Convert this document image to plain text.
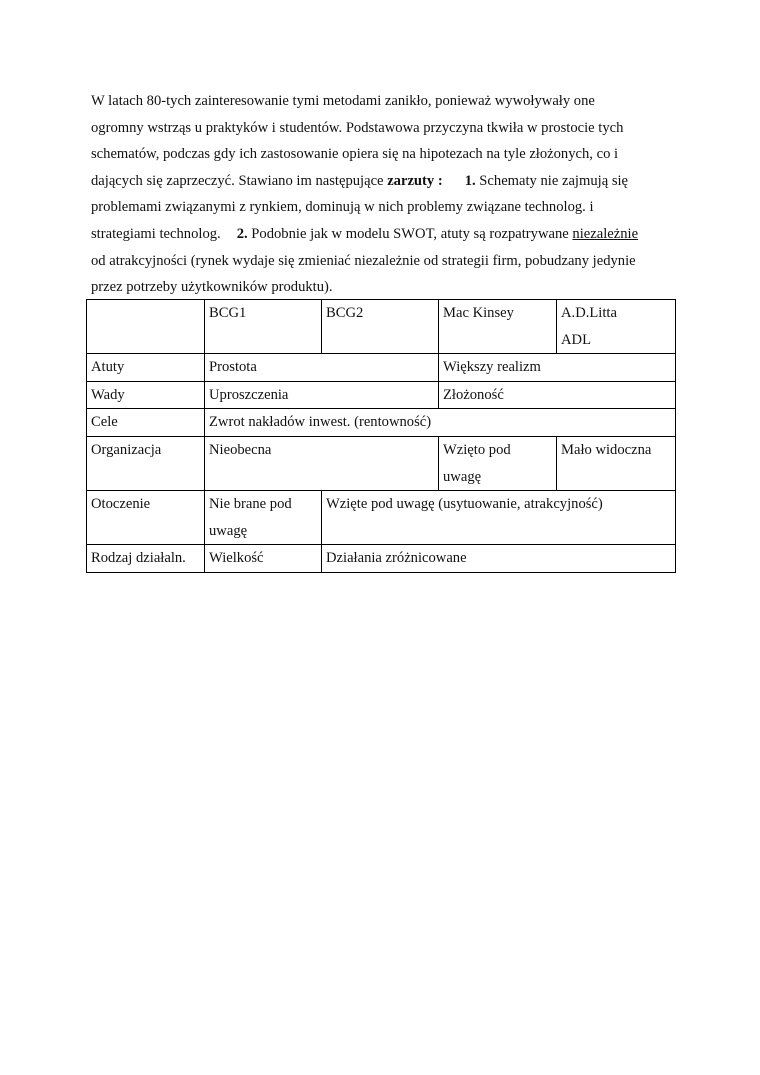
W latach 80-tych zainteresowanie tymi metodami zanikło, ponieważ wywoływały one
ogromny wstrząs u praktyków i studentów. Podstawowa przyczyna tkwiła w prostocie tych
schematów, podczas gdy ich zastosowanie opiera się na hipotezach na tyle złożonych, co i
dających się zaprzeczyć. Stawiano im następujące zarzuty : 1. Schematy nie zajmują się
problemami związanymi z rynkiem, dominują w nich problemy związane technolog. i
strategiami technolog. 2. Podobnie jak w modelu SWOT, atuty są rozpatrywane niezależnie
od atrakcyjności (rynek wydaje się zmieniać niezależnie od strategii firm, pobudzany jedynie
przez potrzeby użytkowników produktu).
	BCG1	BCG2	Mac Kinsey	A.D.Litta
ADL
Atuty	Prostota		Większy realizm	
Wady	Uproszczenia		Złożoność	
Cele	Zwrot nakładów inwest. (rentowność)			
Organizacja	Nieobecna		Wzięto pod
uwagę	Mało widoczna
Otoczenie	Nie brane pod
uwagę	Wzięte pod uwagę (usytuowanie, atrakcyjność)		
Rodzaj działaln.	Wielkość	Działania zróżnicowane		
